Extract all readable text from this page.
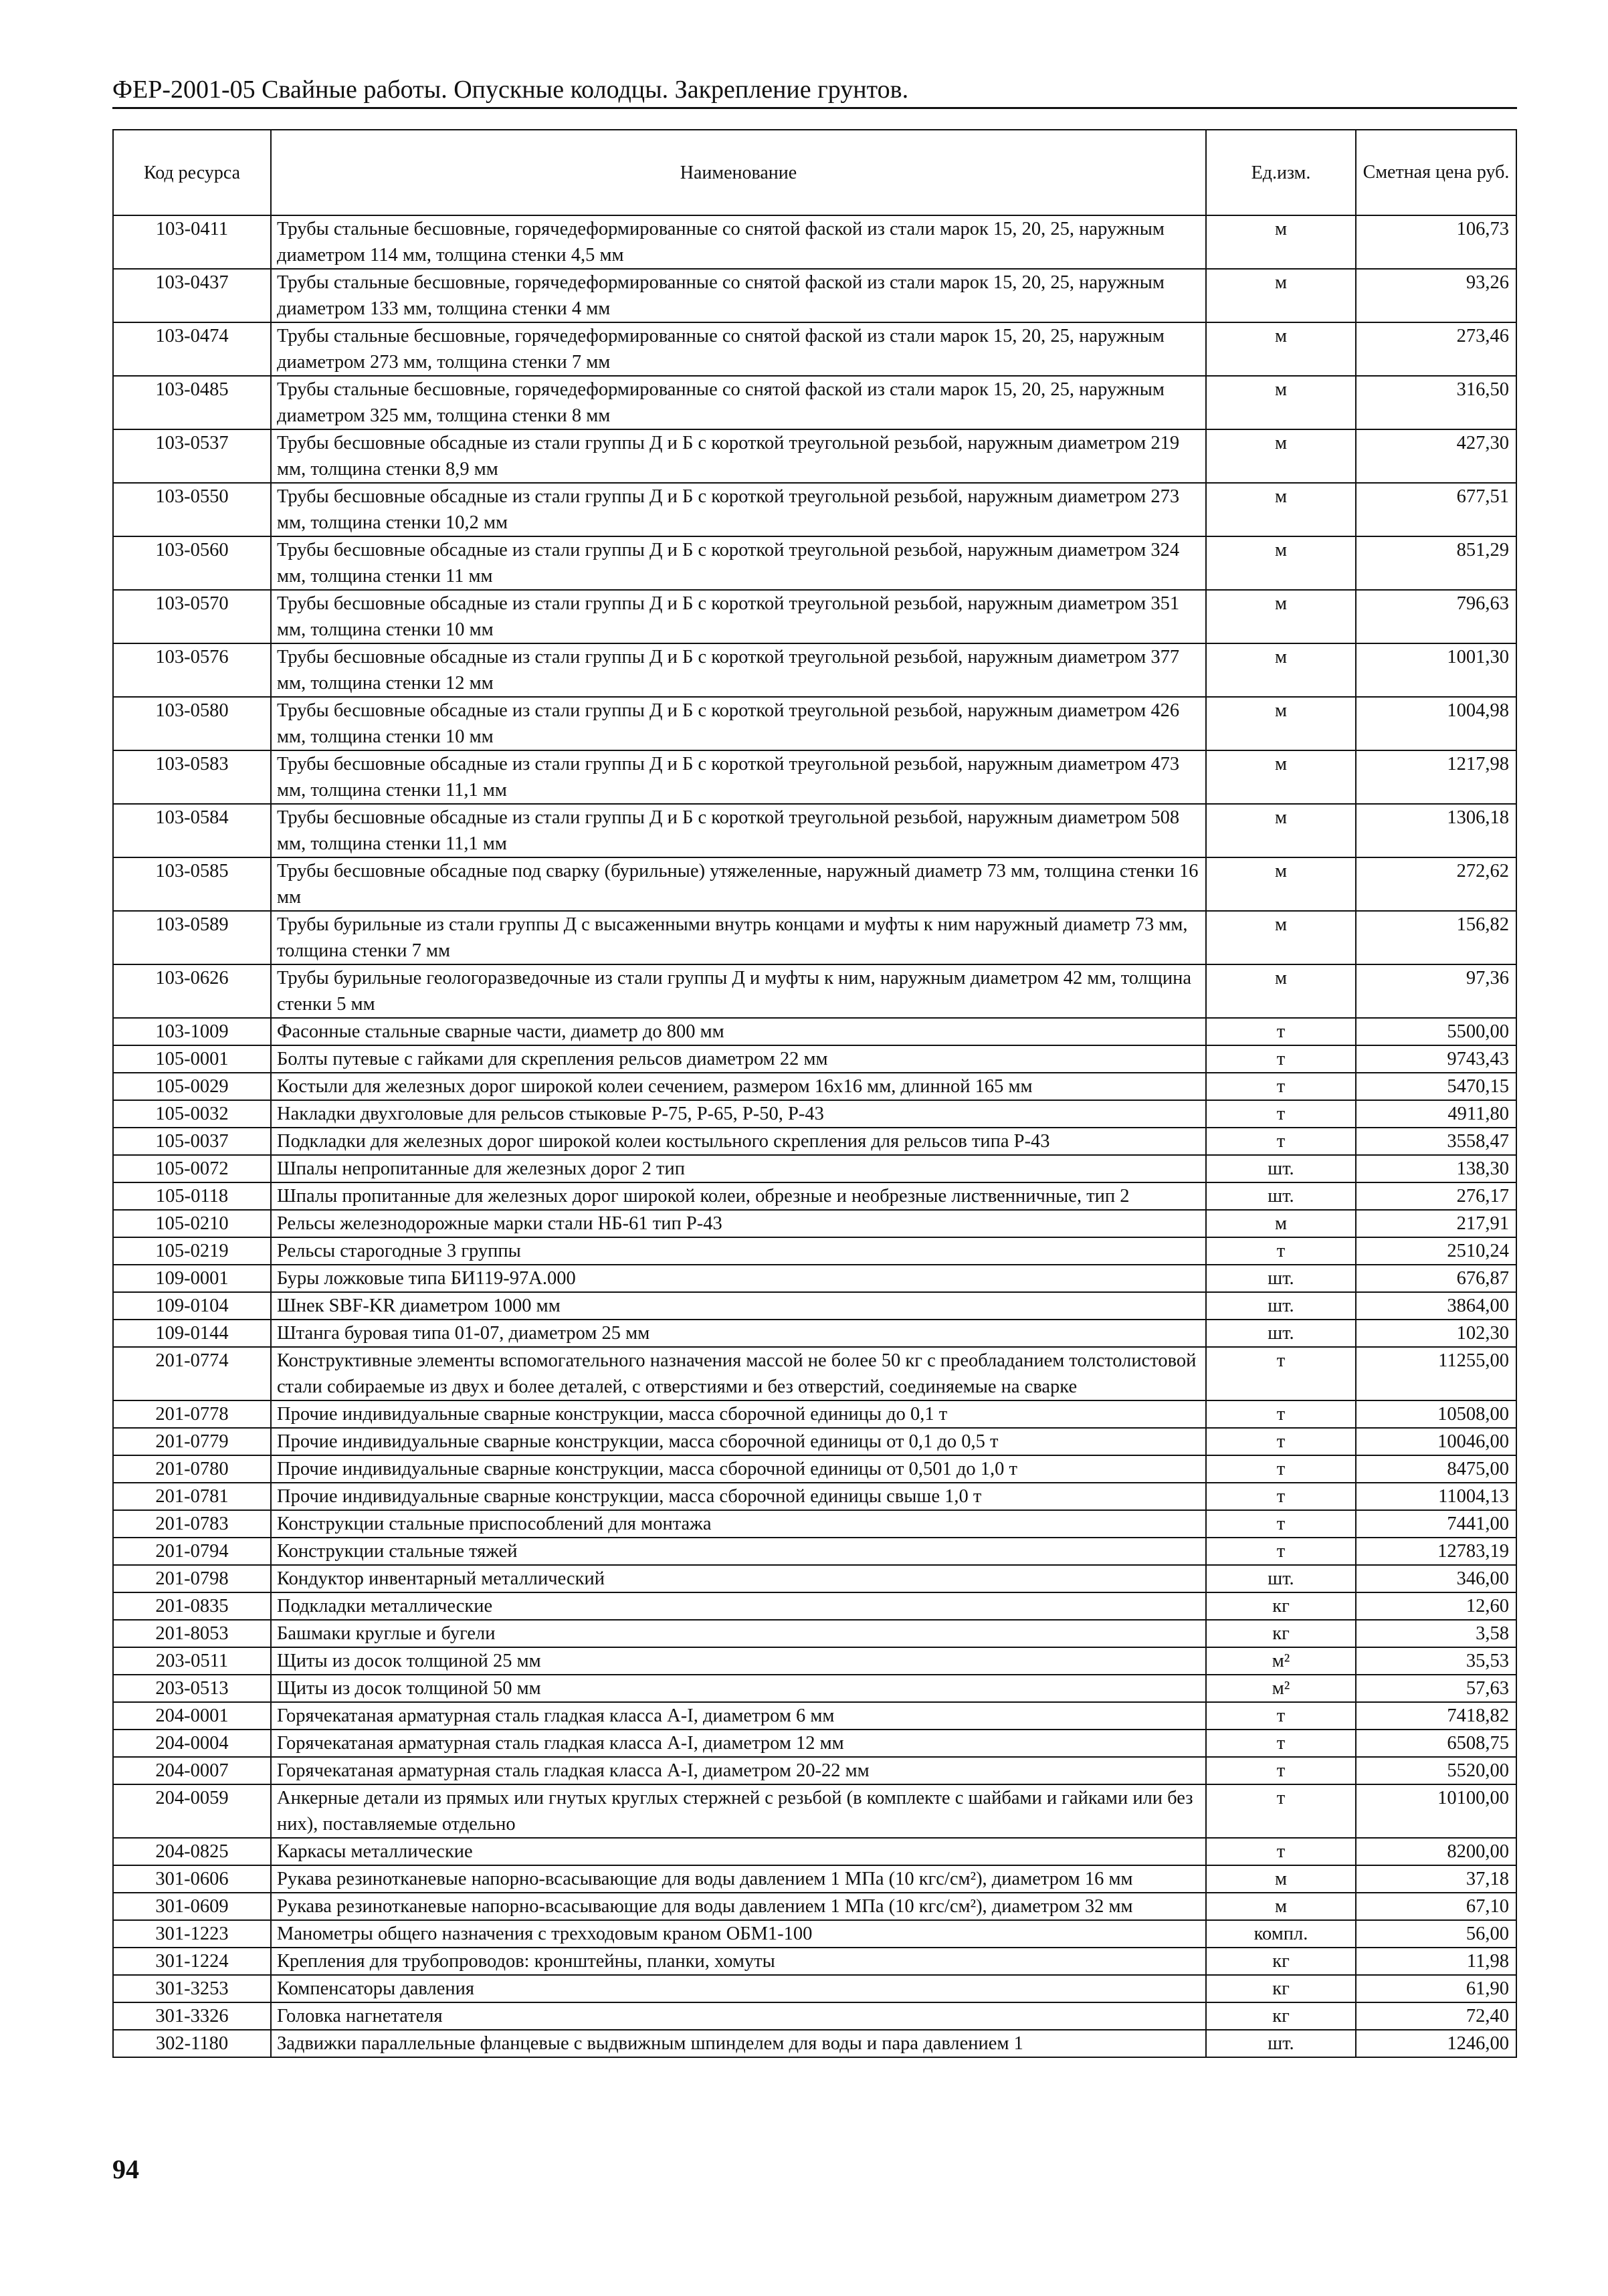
ФЕР-2001-05 Свайные работы. Опускные колодцы. Закрепление грунтов.
Код ресурса	Наименование	Ед.изм.	Сметная цена руб.
103-0411	Трубы стальные бесшовные, горячедеформированные со снятой фаской из стали марок 15, 20, 25, наружным диаметром 114 мм, толщина стенки 4,5 мм	м	106,73
103-0437	Трубы стальные бесшовные, горячедеформированные со снятой фаской из стали марок 15, 20, 25, наружным диаметром 133 мм, толщина стенки 4 мм	м	93,26
103-0474	Трубы стальные бесшовные, горячедеформированные со снятой фаской из стали марок 15, 20, 25, наружным диаметром 273 мм, толщина стенки 7 мм	м	273,46
103-0485	Трубы стальные бесшовные, горячедеформированные со снятой фаской из стали марок 15, 20, 25, наружным диаметром 325 мм, толщина стенки 8 мм	м	316,50
103-0537	Трубы бесшовные обсадные из стали группы Д и Б с короткой треугольной резьбой, наружным диаметром 219 мм, толщина стенки 8,9 мм	м	427,30
103-0550	Трубы бесшовные обсадные из стали группы Д и Б с короткой треугольной резьбой, наружным диаметром 273 мм, толщина стенки 10,2 мм	м	677,51
103-0560	Трубы бесшовные обсадные из стали группы Д и Б с короткой треугольной резьбой, наружным диаметром 324 мм, толщина стенки 11 мм	м	851,29
103-0570	Трубы бесшовные обсадные из стали группы Д и Б с короткой треугольной резьбой, наружным диаметром 351 мм, толщина стенки 10 мм	м	796,63
103-0576	Трубы бесшовные обсадные из стали группы Д и Б с короткой треугольной резьбой, наружным диаметром 377 мм, толщина стенки 12 мм	м	1001,30
103-0580	Трубы бесшовные обсадные из стали группы Д и Б с короткой треугольной резьбой, наружным диаметром 426 мм, толщина стенки 10 мм	м	1004,98
103-0583	Трубы бесшовные обсадные из стали группы Д и Б с короткой треугольной резьбой, наружным диаметром 473 мм, толщина стенки 11,1 мм	м	1217,98
103-0584	Трубы бесшовные обсадные из стали группы Д и Б с короткой треугольной резьбой, наружным диаметром 508 мм, толщина стенки 11,1 мм	м	1306,18
103-0585	Трубы бесшовные обсадные под сварку (бурильные) утяжеленные, наружный диаметр 73 мм, толщина стенки 16 мм	м	272,62
103-0589	Трубы бурильные из стали группы Д с высаженными внутрь концами и муфты к ним наружный диаметр 73 мм, толщина стенки 7 мм	м	156,82
103-0626	Трубы бурильные геологоразведочные из стали группы Д и муфты к ним, наружным диаметром 42 мм, толщина стенки 5 мм	м	97,36
103-1009	Фасонные стальные сварные части, диаметр до 800 мм	т	5500,00
105-0001	Болты путевые с гайками для скрепления рельсов диаметром 22 мм	т	9743,43
105-0029	Костыли для железных дорог широкой колеи сечением, размером 16х16 мм, длинной 165 мм	т	5470,15
105-0032	Накладки двухголовые для рельсов стыковые Р-75, Р-65, Р-50, Р-43	т	4911,80
105-0037	Подкладки для железных дорог широкой колеи костыльного скрепления для рельсов типа Р-43	т	3558,47
105-0072	Шпалы непропитанные для железных дорог 2 тип	шт.	138,30
105-0118	Шпалы пропитанные для железных дорог широкой колеи, обрезные и необрезные лиственничные, тип 2	шт.	276,17
105-0210	Рельсы железнодорожные марки стали НБ-61 тип Р-43	м	217,91
105-0219	Рельсы старогодные 3 группы	т	2510,24
109-0001	Буры ложковые типа БИ119-97А.000	шт.	676,87
109-0104	Шнек SBF-KR диаметром 1000 мм	шт.	3864,00
109-0144	Штанга буровая типа 01-07, диаметром 25 мм	шт.	102,30
201-0774	Конструктивные элементы вспомогательного назначения массой не более 50 кг с преобладанием толстолистовой стали собираемые из двух и более деталей, с отверстиями и без отверстий, соединяемые на сварке	т	11255,00
201-0778	Прочие индивидуальные сварные конструкции, масса сборочной единицы до 0,1 т	т	10508,00
201-0779	Прочие индивидуальные сварные конструкции, масса сборочной единицы от 0,1 до 0,5 т	т	10046,00
201-0780	Прочие индивидуальные сварные конструкции, масса сборочной единицы от 0,501 до 1,0 т	т	8475,00
201-0781	Прочие индивидуальные сварные конструкции, масса сборочной единицы свыше 1,0 т	т	11004,13
201-0783	Конструкции стальные приспособлений для монтажа	т	7441,00
201-0794	Конструкции стальные тяжей	т	12783,19
201-0798	Кондуктор инвентарный металлический	шт.	346,00
201-0835	Подкладки металлические	кг	12,60
201-8053	Башмаки круглые и бугели	кг	3,58
203-0511	Щиты из досок толщиной 25 мм	м²	35,53
203-0513	Щиты из досок толщиной 50 мм	м²	57,63
204-0001	Горячекатаная арматурная сталь гладкая класса А-I, диаметром 6 мм	т	7418,82
204-0004	Горячекатаная арматурная сталь гладкая класса А-I, диаметром 12 мм	т	6508,75
204-0007	Горячекатаная арматурная сталь гладкая класса А-I, диаметром 20-22 мм	т	5520,00
204-0059	Анкерные детали из прямых или гнутых круглых стержней с резьбой (в комплекте с шайбами и гайками или без них), поставляемые отдельно	т	10100,00
204-0825	Каркасы металлические	т	8200,00
301-0606	Рукава резинотканевые напорно-всасывающие для воды давлением 1 МПа (10 кгс/см²), диаметром 16 мм	м	37,18
301-0609	Рукава резинотканевые напорно-всасывающие для воды давлением 1 МПа (10 кгс/см²), диаметром 32 мм	м	67,10
301-1223	Манометры общего назначения с трехходовым краном ОБМ1-100	компл.	56,00
301-1224	Крепления для трубопроводов: кронштейны, планки, хомуты	кг	11,98
301-3253	Компенсаторы давления	кг	61,90
301-3326	Головка нагнетателя	кг	72,40
302-1180	Задвижки параллельные фланцевые с выдвижным шпинделем для воды и пара давлением 1	шт.	1246,00
94
